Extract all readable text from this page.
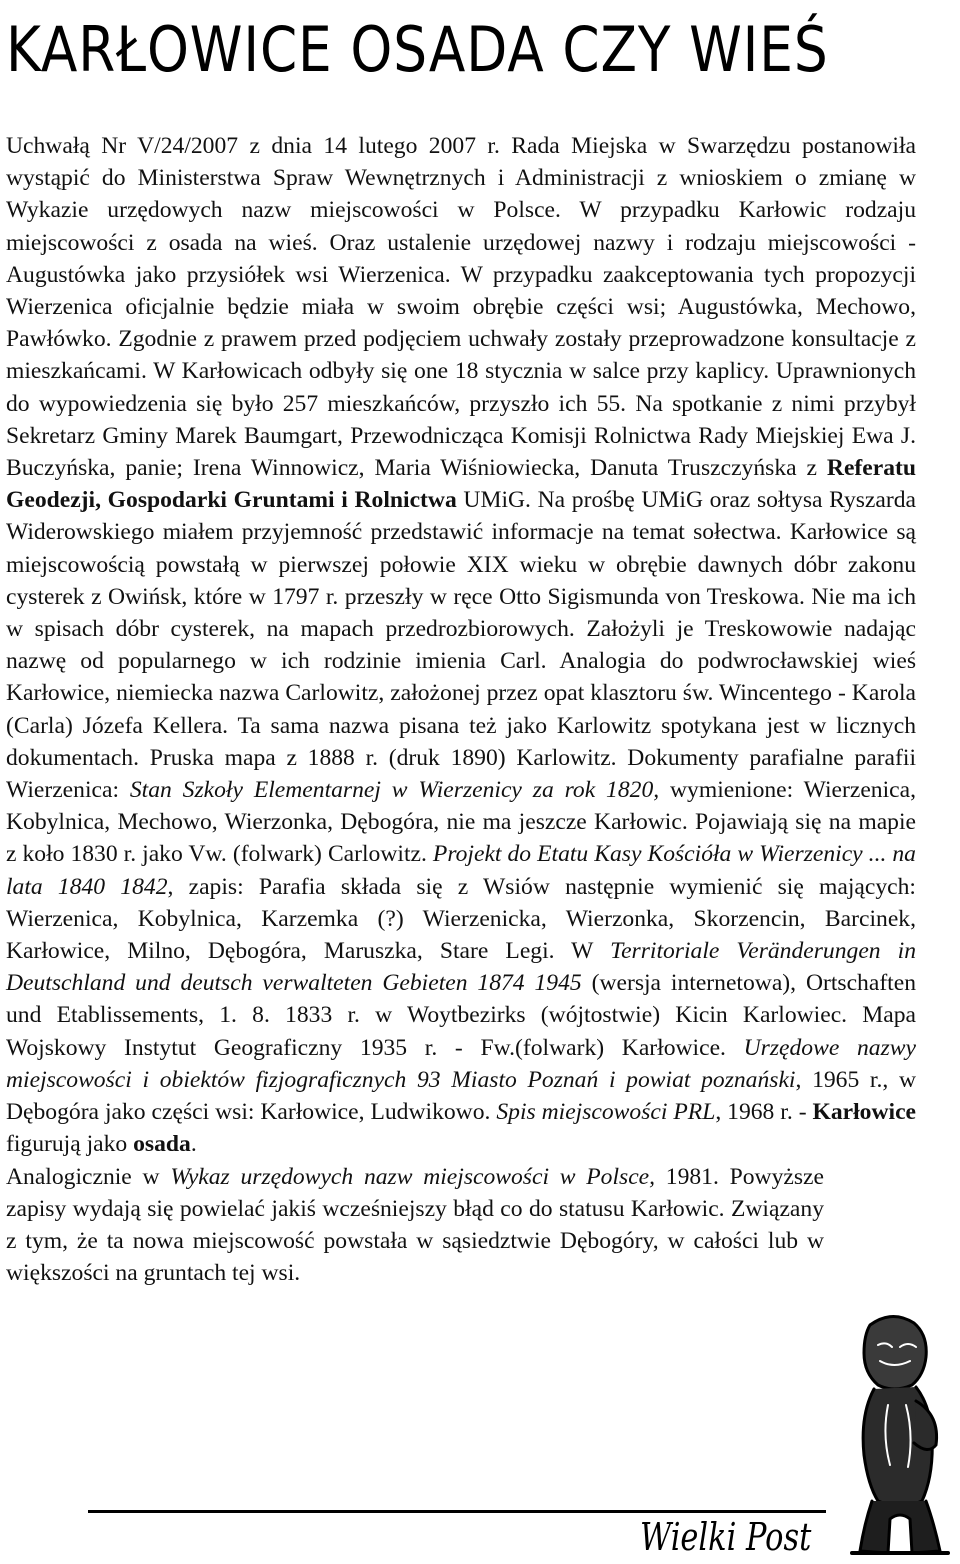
KARŁOWICE OSADA CZY WIEŚ
Uchwałą Nr V/24/2007 z dnia 14 lutego 2007 r. Rada Miejska w Swarzędzu postanowiła wystąpić do Ministerstwa Spraw Wewnętrznych i Administracji z wnioskiem o zmianę w Wykazie urzędowych nazw miejscowości w Polsce. W przypadku Karłowic rodzaju miejscowości z osada na wieś. Oraz ustalenie urzędowej nazwy i rodzaju miejscowości -Augustówka jako przysiółek wsi Wierzenica. W przypadku zaakceptowania tych propozycji Wierzenica oficjalnie będzie miała w swoim obrębie części wsi; Augustówka, Mechowo, Pawłówko. Zgodnie z prawem przed podjęciem uchwały zostały przeprowadzone konsultacje z mieszkańcami. W Karłowicach odbyły się one 18 stycznia w salce przy kaplicy. Uprawnionych do wypowiedzenia się było 257 mieszkańców, przyszło ich 55. Na spotkanie z nimi przybył Sekretarz Gminy Marek Baumgart, Przewodnicząca Komisji Rolnictwa Rady Miejskiej Ewa J. Buczyńska, panie; Irena Winnowicz, Maria Wiśniowiecka, Danuta Truszczyńska z Referatu Geodezji, Gospodarki Gruntami i Rolnictwa UMiG. Na prośbę UMiG oraz sołtysa Ryszarda Widerowskiego miałem przyjemność przedstawić informacje na temat sołectwa. Karłowice są miejscowością powstałą w pierwszej połowie XIX wieku w obrębie dawnych dóbr zakonu cysterek z Owińsk, które w 1797 r. przeszły w ręce Otto Sigismunda von Treskowa. Nie ma ich w spisach dóbr cysterek, na mapach przedrozbiorowych. Założyli je Treskowowie nadając nazwę od popularnego w ich rodzinie imienia Carl. Analogia do podwrocławskiej wieś Karłowice, niemiecka nazwa Carlowitz, założonej przez opat klasztoru św. Wincentego - Karola (Carla) Józefa Kellera. Ta sama nazwa pisana też jako Karlowitz spotykana jest w licznych dokumentach. Pruska mapa z 1888 r. (druk 1890) Karlowitz. Dokumenty parafialne parafii Wierzenica: Stan Szkoły Elementarnej w Wierzenicy za rok 1820, wymienione: Wierzenica, Kobylnica, Mechowo, Wierzonka, Dębogóra, nie ma jeszcze Karłowic. Pojawiają się na mapie z koło 1830 r. jako Vw. (folwark) Carlowitz. Projekt do Etatu Kasy Kościóła w Wierzenicy ... na lata 1840 1842, zapis: Parafia składa się z Wsiów następnie wymienić się mających: Wierzenica, Kobylnica, Karzemka (?) Wierzenicka, Wierzonka, Skorzencin, Barcinek, Karłowice, Milno, Dębogóra, Maruszka, Stare Legi. W Territoriale Veränderungen in Deutschland und deutsch verwalteten Gebieten 1874 1945 (wersja internetowa), Ortschaften und Etablissements, 1. 8. 1833 r. w Woytbezirks (wójtostwie) Kicin Karlowiec. Mapa Wojskowy Instytut Geograficzny 1935 r. - Fw.(folwark) Karłowice. Urzędowe nazwy miejscowości i obiektów fizjograficznych 93 Miasto Poznań i powiat poznański, 1965 r., w Dębogóra jako części wsi: Karłowice, Ludwikowo. Spis miejscowości PRL, 1968 r. - Karłowice figurują jako osada.
Analogicznie w Wykaz urzędowych nazw miejscowości w Polsce, 1981. Powyższe zapisy wydają się powielać jakiś wcześniejszy błąd co do statusu Karłowic. Związany z tym, że ta nowa miejscowość powstała w sąsiedztwie Dębogóry, w całości lub w większości na gruntach tej wsi.
Wielki Post
